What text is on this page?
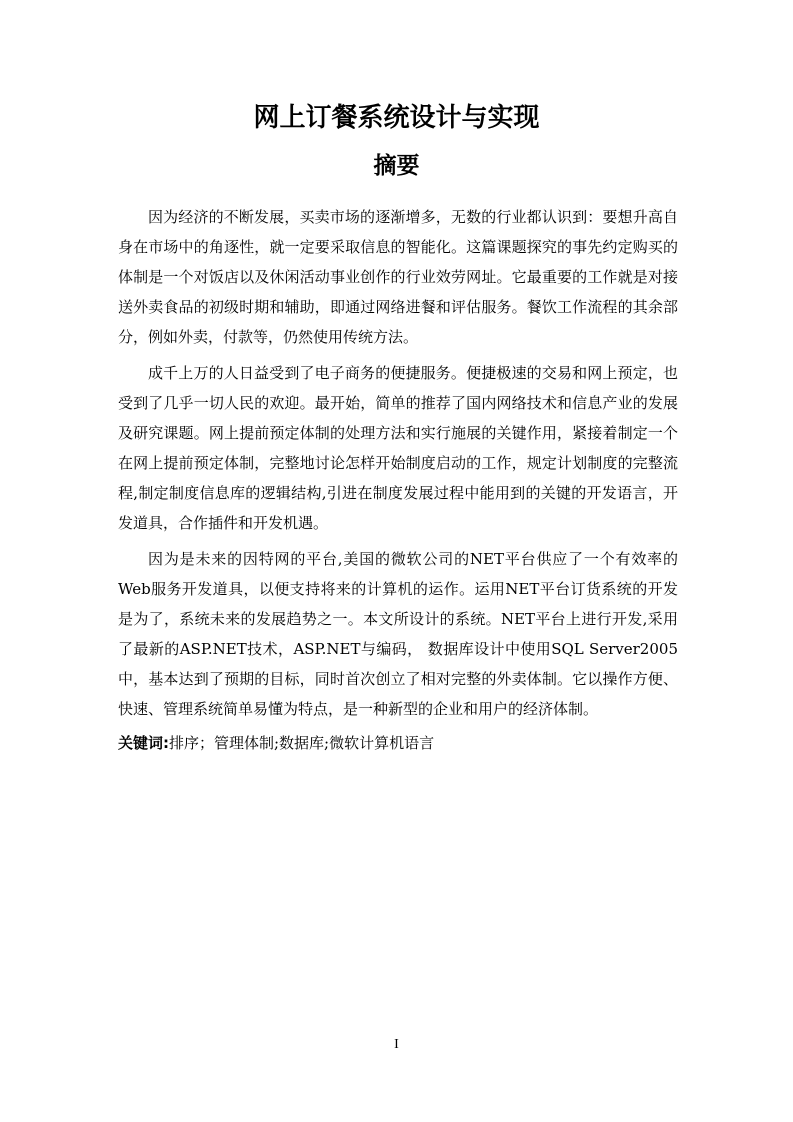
网上订餐系统设计与实现
摘要

因为经济的不断发展，买卖市场的逐渐增多，无数的行业都认识到：要想升高自身在市场中的角逐性，就一定要采取信息的智能化。这篇课题探究的事先约定购买的体制是一个对饭店以及休闲活动事业创作的行业效劳网址。它最重要的工作就是对接送外卖食品的初级时期和辅助，即通过网络进餐和评估服务。餐饮工作流程的其余部分，例如外卖，付款等，仍然使用传统方法。

成千上万的人日益受到了电子商务的便捷服务。便捷极速的交易和网上预定，也受到了几乎一切人民的欢迎。最开始，简单的推荐了国内网络技术和信息产业的发展及研究课题。网上提前预定体制的处理方法和实行施展的关键作用，紧接着制定一个在网上提前预定体制，完整地讨论怎样开始制度启动的工作，规定计划制度的完整流程,制定制度信息库的逻辑结构,引进在制度发展过程中能用到的关键的开发语言，开发道具，合作插件和开发机遇。

因为是未来的因特网的平台,美国的微软公司的NET平台供应了一个有效率的Web服务开发道具，以便支持将来的计算机的运作。运用NET平台订货系统的开发是为了，系统未来的发展趋势之一。本文所设计的系统。NET平台上进行开发,采用了最新的ASP.NET技术，ASP.NET与编码， 数据库设计中使用SQL Server2005中，基本达到了预期的目标，同时首次创立了相对完整的外卖体制。它以操作方便、快速、管理系统简单易懂为特点，是一种新型的企业和用户的经济体制。

关键词:排序；管理体制;数据库;微软计算机语言

I
